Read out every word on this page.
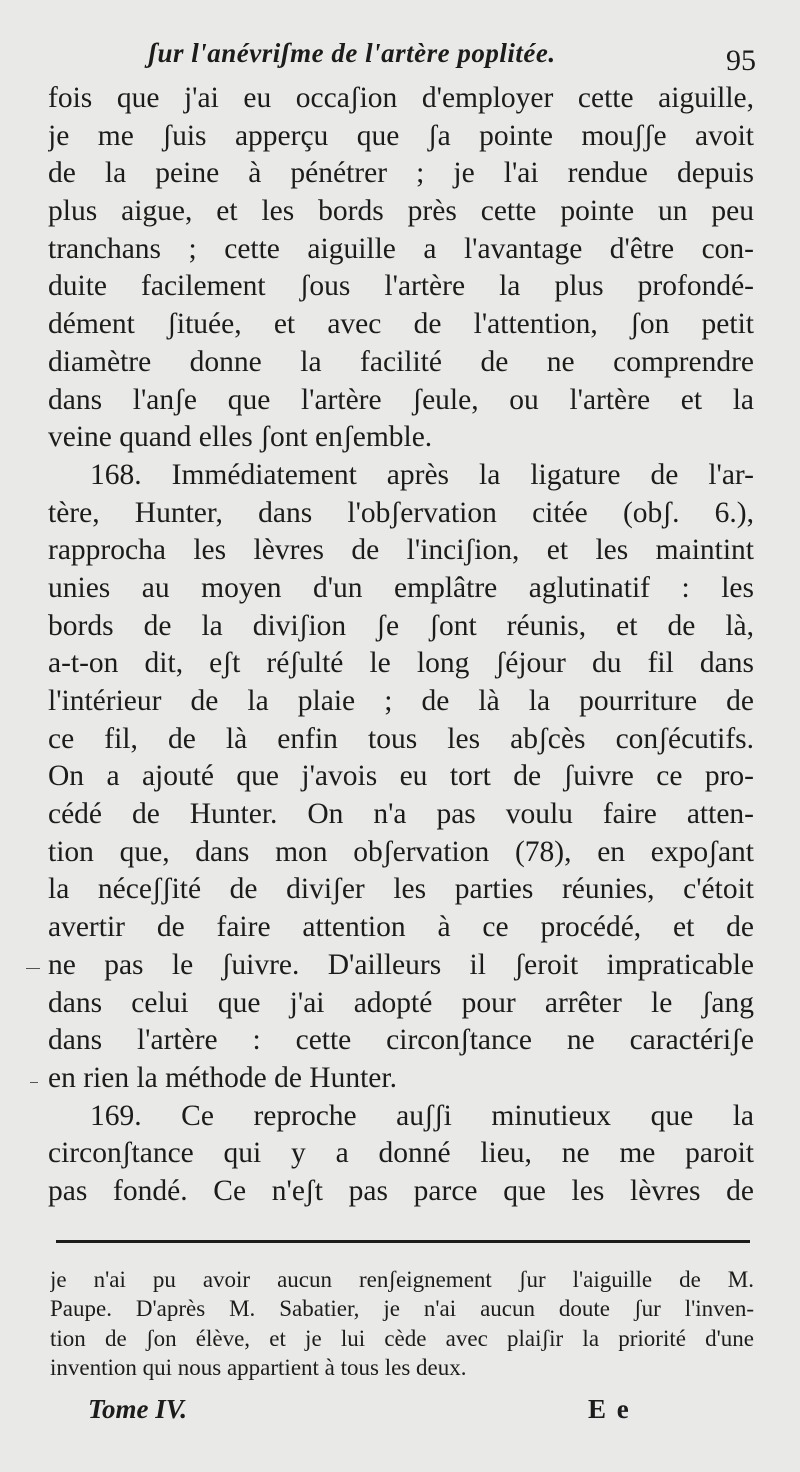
ʃur l'anévriʃme de l'artère poplitée.	95
fois que j'ai eu occaʃion d'employer cette aiguille,
je me ʃuis apperçu que ʃa pointe mouʃʃe avoit
de la peine à pénétrer ; je l'ai rendue depuis
plus aigue, et les bords près cette pointe un peu
tranchans ; cette aiguille a l'avantage d'être con-
duite facilement ʃous l'artère la plus profondé-
dément ʃituée, et avec de l'attention, ʃon petit
diamètre donne la facilité de ne comprendre
dans l'anʃe que l'artère ʃeule, ou l'artère et la
veine quand elles ʃont enʃemble.
168. Immédiatement après la ligature de l'ar-
tère, Hunter, dans l'obʃervation citée (obʃ. 6.),
rapprocha les lèvres de l'inciʃion, et les maintint
unies au moyen d'un emplâtre aglutinatif : les
bords de la diviʃion ʃe ʃont réunis, et de là,
a-t-on dit, eʃt réʃulté le long ʃéjour du fil dans
l'intérieur de la plaie ; de là la pourriture de
ce fil, de là enfin tous les abʃcès conʃécutifs.
On a ajouté que j'avois eu tort de ʃuivre ce pro-
cédé de Hunter. On n'a pas voulu faire atten-
tion que, dans mon obʃervation (78), en expoʃant
la néceʃʃité de diviʃer les parties réunies, c'étoit
avertir de faire attention à ce procédé, et de
ne pas le ʃuivre. D'ailleurs il ʃeroit impraticable
dans celui que j'ai adopté pour arrêter le ʃang
dans l'artère : cette circonʃtance ne caractériʃe
en rien la méthode de Hunter.
169. Ce reproche auʃʃi minutieux que la
circonʃtance qui y a donné lieu, ne me paroit
pas fondé. Ce n'eʃt pas parce que les lèvres de
je n'ai pu avoir aucun renʃeignement ʃur l'aiguille de M.
Paupe. D'après M. Sabatier, je n'ai aucun doute ʃur l'inven-
tion de ʃon élève, et je lui cède avec plaiʃir la priorité d'une
invention qui nous appartient à tous les deux.
Tome IV.	E e
